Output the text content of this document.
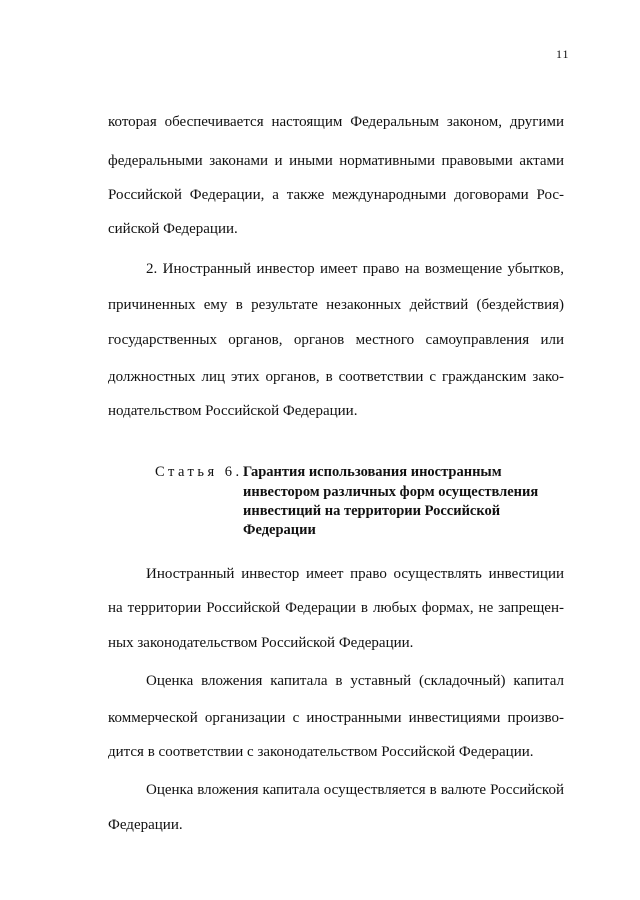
11
которая обеспечивается настоящим Федеральным законом, другими
федеральными законами и иными нормативными правовыми актами
Российской Федерации, а также международными договорами Рос-
сийской Федерации.
2. Иностранный инвестор имеет право на возмещение убытков,
причиненных ему в результате незаконных действий (бездействия)
государственных органов, органов местного самоуправления или
должностных лиц этих органов, в соответствии с гражданским зако-
нодательством Российской Федерации.
Статья 6. Гарантия использования иностранным
инвестором различных форм осуществления
инвестиций на территории Российской
Федерации
Иностранный инвестор имеет право осуществлять инвестиции
на территории Российской Федерации в любых формах, не запрещен-
ных законодательством Российской Федерации.
Оценка вложения капитала в уставный (складочный) капитал
коммерческой организации с иностранными инвестициями произво-
дится в соответствии с законодательством Российской Федерации.
Оценка вложения капитала осуществляется в валюте Российской
Федерации.
